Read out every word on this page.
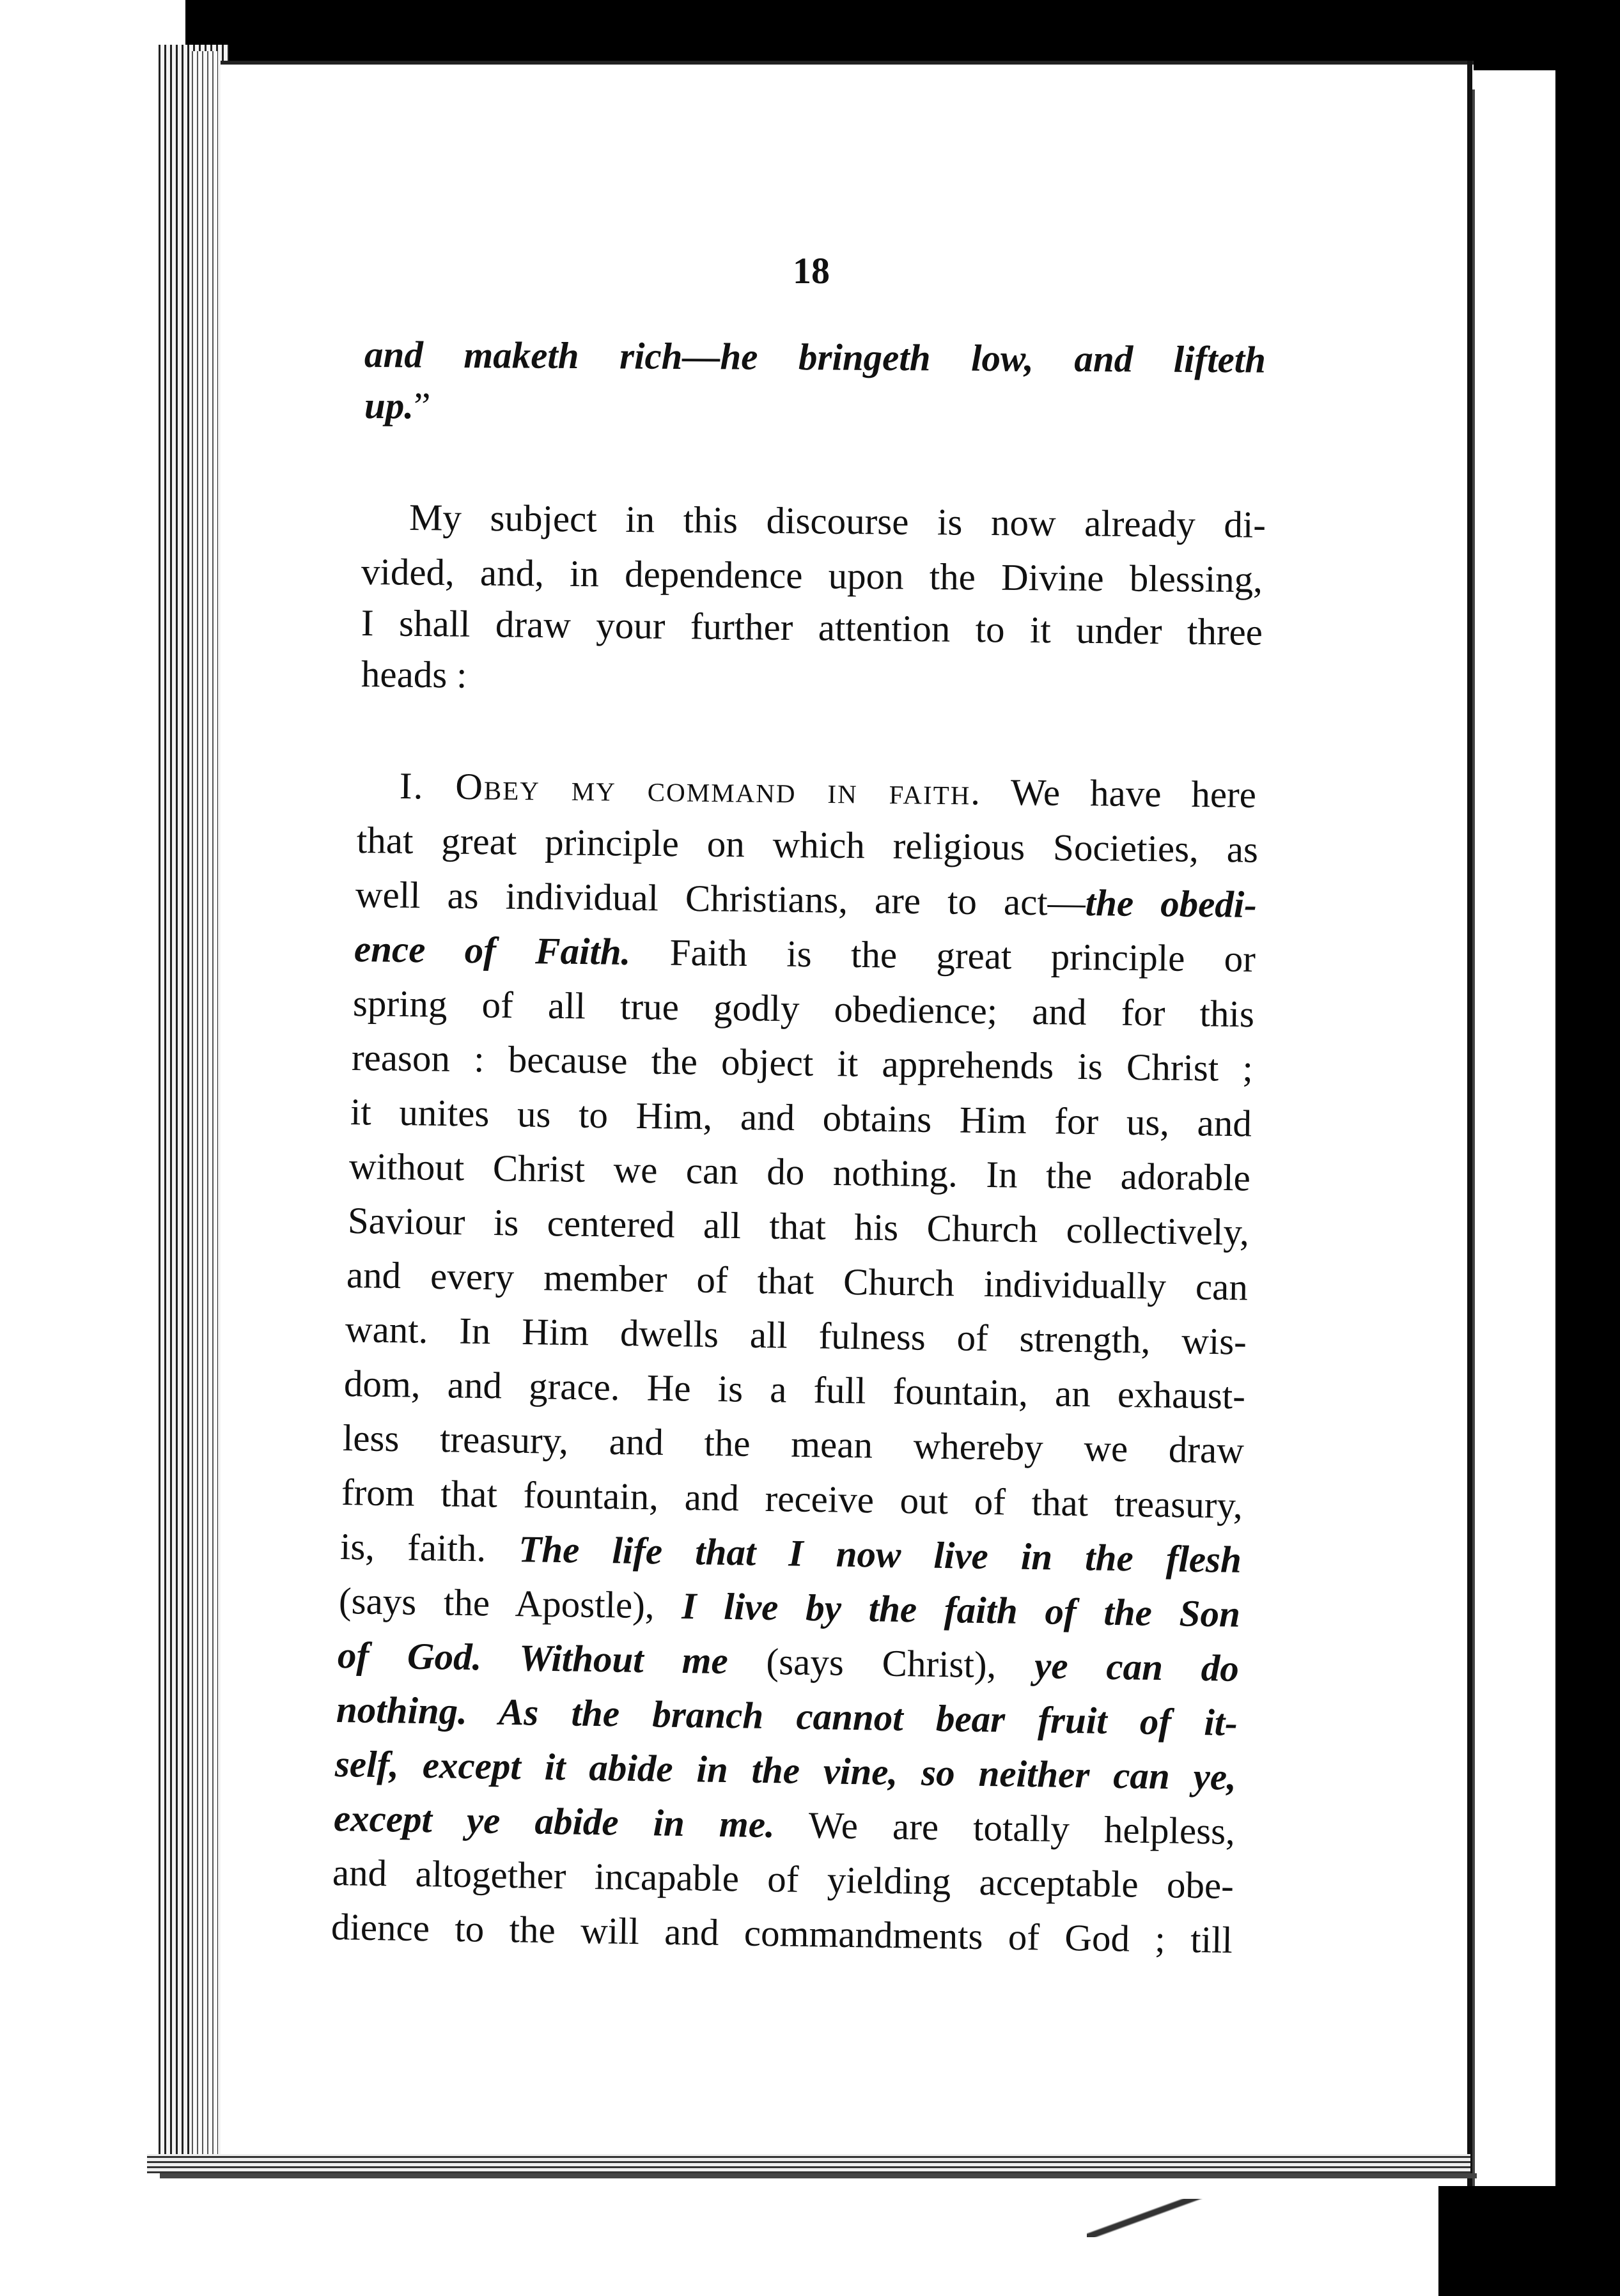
18
and maketh rich—he bringeth low, and lifteth
up.”
My subject in this discourse is now already di-
vided, and, in dependence upon the Divine blessing,
I shall draw your further attention to it under three
heads :
I. Obey my command in faith. We have here
that great principle on which religious Societies, as
well as individual Christians, are to act—the obedi-
ence of Faith. Faith is the great principle or
spring of all true godly obedience; and for this
reason : because the object it apprehends is Christ ;
it unites us to Him, and obtains Him for us, and
without Christ we can do nothing. In the adorable
Saviour is centered all that his Church collectively,
and every member of that Church individually can
want. In Him dwells all fulness of strength, wis-
dom, and grace. He is a full fountain, an exhaust-
less treasury, and the mean whereby we draw
from that fountain, and receive out of that treasury,
is, faith. The life that I now live in the flesh
(says the Apostle), I live by the faith of the Son
of God. Without me (says Christ), ye can do
nothing. As the branch cannot bear fruit of it-
self, except it abide in the vine, so neither can ye,
except ye abide in me. We are totally helpless,
and altogether incapable of yielding acceptable obe-
dience to the will and commandments of God ; till
